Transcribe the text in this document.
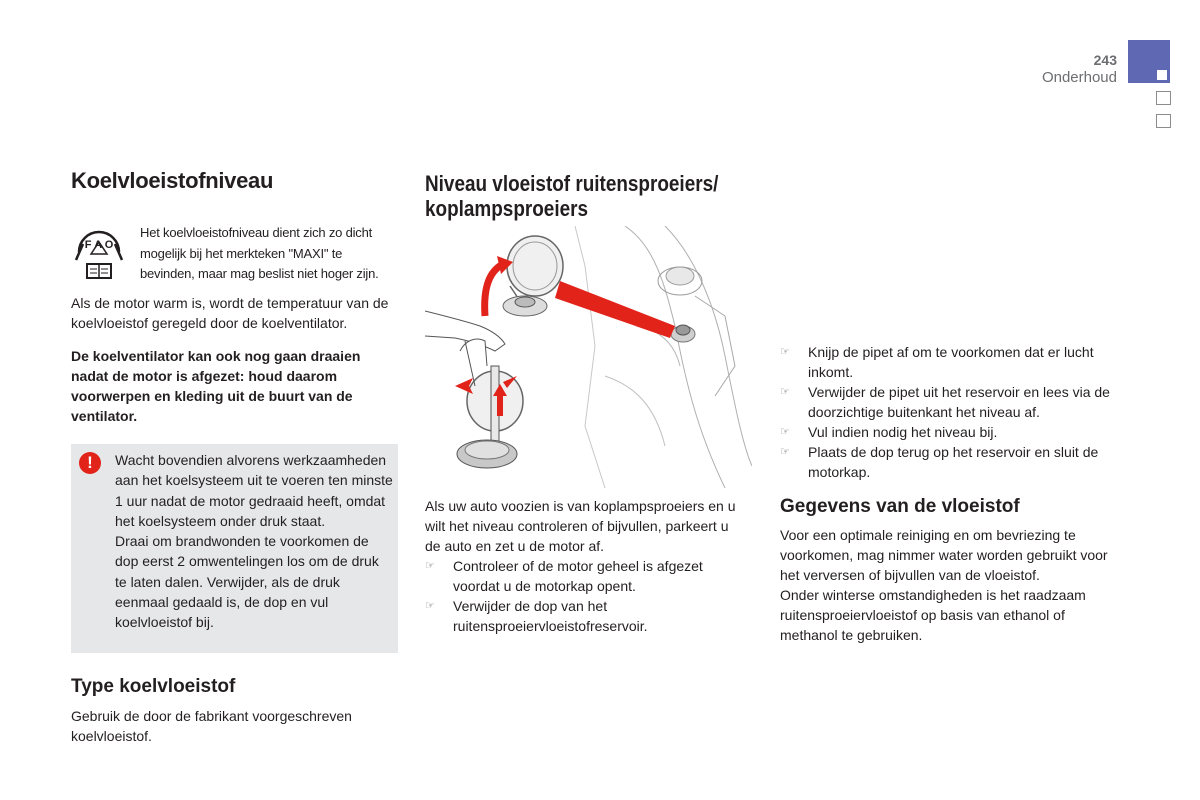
243
Onderhoud
Koelvloeistofniveau
F A O
Het koelvloeistofniveau dient zich zo dicht mogelijk bij het merkteken "MAXI" te bevinden, maar mag beslist niet hoger zijn.
Als de motor warm is, wordt de temperatuur van de koelvloeistof geregeld door de koelventilator.
De koelventilator kan ook nog gaan draaien nadat de motor is afgezet: houd daarom voorwerpen en kleding uit de buurt van de ventilator.
!	Wacht bovendien alvorens werkzaamheden aan het koelsysteem uit te voeren ten minste 1 uur nadat de motor gedraaid heeft, omdat het koelsysteem onder druk staat.
Draai om brandwonden te voorkomen de dop eerst 2 omwentelingen los om de druk te laten dalen. Verwijder, als de druk eenmaal gedaald is, de dop en vul koelvloeistof bij.
Type koelvloeistof
Gebruik de door de fabrikant voorgeschreven koelvloeistof.
Niveau vloeistof ruitensproeiers/
koplampsproeiers
Als uw auto voozien is van koplampsproeiers en u wilt het niveau controleren of bijvullen, parkeert u de auto en zet u de motor af.
☞ Controleer of de motor geheel is afgezet voordat u de motorkap opent.
☞ Verwijder de dop van het ruitensproeiervloeistofreservoir.
☞ Knijp de pipet af om te voorkomen dat er lucht inkomt.
☞ Verwijder de pipet uit het reservoir en lees via de doorzichtige buitenkant het niveau af.
☞ Vul indien nodig het niveau bij.
☞ Plaats de dop terug op het reservoir en sluit de motorkap.
Gegevens van de vloeistof
Voor een optimale reiniging en om bevriezing te voorkomen, mag nimmer water worden gebruikt voor het verversen of bijvullen van de vloeistof.
Onder winterse omstandigheden is het raadzaam ruitensproeiervloeistof op basis van ethanol of methanol te gebruiken.
